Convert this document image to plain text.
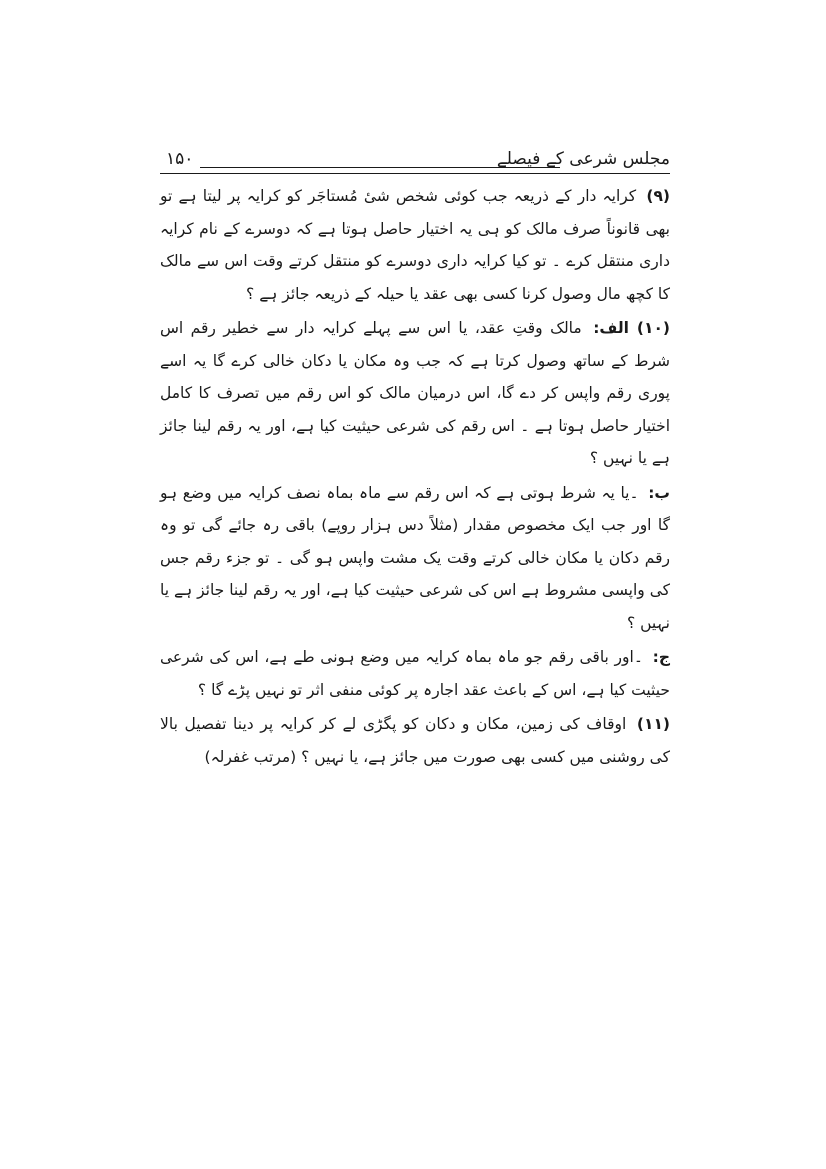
مجلس شرعی کے فیصلے
۱۵۰

(۹) کرایہ دار کے ذریعہ جب کوئی شخص شیٔ مُستاجَر کو کرایہ پر لیتا ہے تو بھی قانوناً صرف مالک کو ہی یہ اختیار حاصل ہوتا ہے کہ دوسرے کے نام کرایہ داری منتقل کرے ۔ تو کیا کرایہ داری دوسرے کو منتقل کرتے وقت اس سے مالک کا کچھ مال وصول کرنا کسی بھی عقد یا حیلہ کے ذریعہ جائز ہے ؟

(۱۰) الف: مالک وقتِ عقد، یا اس سے پہلے کرایہ دار سے خطیر رقم اس شرط کے ساتھ وصول کرتا ہے کہ جب وہ مکان یا دکان خالی کرے گا یہ اسے پوری رقم واپس کر دے گا، اس درمیان مالک کو اس رقم میں تصرف کا کامل اختیار حاصل ہوتا ہے ۔ اس رقم کی شرعی حیثیت کیا ہے، اور یہ رقم لینا جائز ہے یا نہیں ؟

ب: ۔یا یہ شرط ہوتی ہے کہ اس رقم سے ماہ بماہ نصف کرایہ میں وضع ہو گا اور جب ایک مخصوص مقدار (مثلاً دس ہزار روپے) باقی رہ جائے گی تو وہ رقم دکان یا مکان خالی کرتے وقت یک مشت واپس ہو گی ۔ تو جزء رقم جس کی واپسی مشروط ہے اس کی شرعی حیثیت کیا ہے، اور یہ رقم لینا جائز ہے یا نہیں ؟

ج: ۔اور باقی رقم جو ماہ بماہ کرایہ میں وضع ہونی طے ہے، اس کی شرعی حیثیت کیا ہے، اس کے باعث عقد اجارہ پر کوئی منفی اثر تو نہیں پڑے گا ؟

(۱۱) اوقاف کی زمین، مکان و دکان کو پگڑی لے کر کرایہ پر دینا تفصیل بالا کی روشنی میں کسی بھی صورت میں جائز ہے، یا نہیں ؟ (مرتب غفرلہ)
